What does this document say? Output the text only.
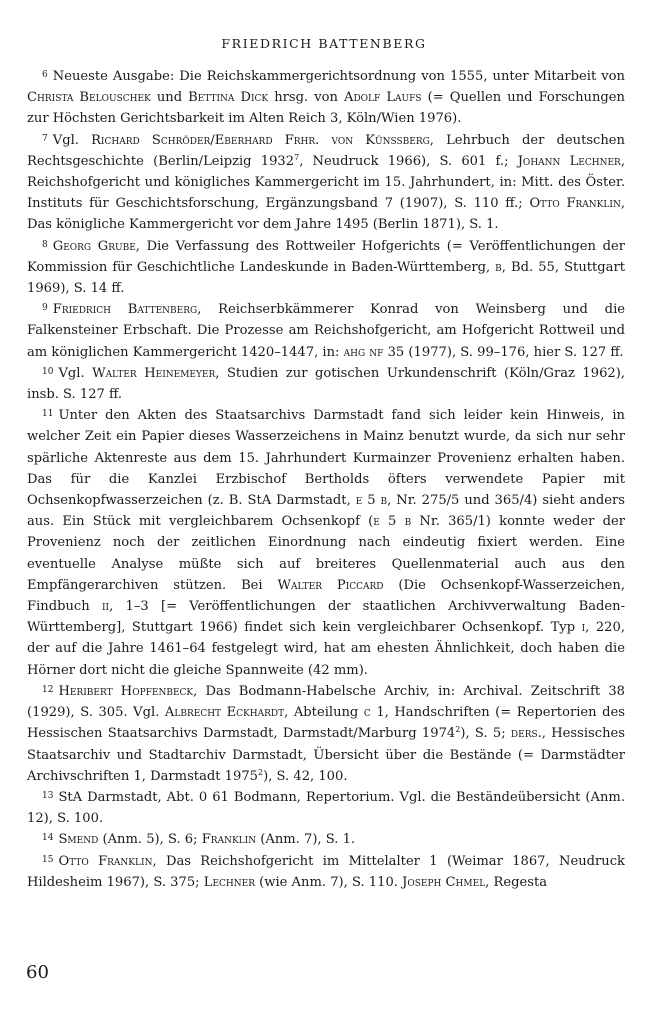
FRIEDRICH BATTENBERG

$^6$ Neueste Ausgabe: Die Reichskammergerichtsordnung von 1555, unter Mitarbeit von Christa Belouschek und Bettina Dick hrsg. von Adolf Laufs (= Quellen und Forschungen zur Höchsten Gerichtsbarkeit im Alten Reich 3, Köln/Wien 1976).

$^7$ Vgl. Richard Schröder/Eberhard Frhr. von Künssberg, Lehrbuch der deutschen Rechtsgeschichte (Berlin/Leipzig 1932$^7$, Neudruck 1966), S. 601 f.; Johann Lechner, Reichshofgericht und königliches Kammergericht im 15. Jahrhundert, in: Mitt. des Öster. Instituts für Geschichtsforschung, Ergänzungsband 7 (1907), S. 110 ff.; Otto Franklin, Das königliche Kammergericht vor dem Jahre 1495 (Berlin 1871), S. 1.

$^8$ Georg Grube, Die Verfassung des Rottweiler Hofgerichts (= Veröffentlichungen der Kommission für Geschichtliche Landeskunde in Baden-Württemberg, b, Bd. 55, Stuttgart 1969), S. 14 ff.

$^9$ Friedrich Battenberg, Reichserbkämmerer Konrad von Weinsberg und die Falkensteiner Erbschaft. Die Prozesse am Reichshofgericht, am Hofgericht Rottweil und am königlichen Kammergericht 1420–1447, in: ahg nf 35 (1977), S. 99–176, hier S. 127 ff.

$^{10}$ Vgl. Walter Heinemeyer, Studien zur gotischen Urkundenschrift (Köln/Graz 1962), insb. S. 127 ff.

$^{11}$ Unter den Akten des Staatsarchivs Darmstadt fand sich leider kein Hinweis, in welcher Zeit ein Papier dieses Wasserzeichens in Mainz benutzt wurde, da sich nur sehr spärliche Aktenreste aus dem 15. Jahrhundert Kurmainzer Provenienz erhalten haben. Das für die Kanzlei Erzbischof Bertholds öfters verwendete Papier mit Ochsenkopfwasserzeichen (z. B. StA Darmstadt, e 5 b, Nr. 275/5 und 365/4) sieht anders aus. Ein Stück mit vergleichbarem Ochsenkopf (e 5 b Nr. 365/1) konnte weder der Provenienz noch der zeitlichen Einordnung nach eindeutig fixiert werden. Eine eventuelle Analyse müßte sich auf breiteres Quellenmaterial auch aus den Empfängerarchiven stützen. Bei Walter Piccard (Die Ochsenkopf-Wasserzeichen, Findbuch ii, 1–3 [= Veröffentlichungen der staatlichen Archivverwaltung Baden-Württemberg], Stuttgart 1966) findet sich kein vergleichbarer Ochsenkopf. Typ i, 220, der auf die Jahre 1461–64 festgelegt wird, hat am ehesten Ähnlichkeit, doch haben die Hörner dort nicht die gleiche Spannweite (42 mm).

$^{12}$ Heribert Hopfenbeck, Das Bodmann-Habelsche Archiv, in: Archival. Zeitschrift 38 (1929), S. 305. Vgl. Albrecht Eckhardt, Abteilung c 1, Handschriften (= Repertorien des Hessischen Staatsarchivs Darmstadt, Darmstadt/Marburg 1974$^2$), S. 5; ders., Hessisches Staatsarchiv und Stadtarchiv Darmstadt, Übersicht über die Bestände (= Darmstädter Archivschriften 1, Darmstadt 1975$^2$), S. 42, 100.

$^{13}$ StA Darmstadt, Abt. 0 61 Bodmann, Repertorium. Vgl. die Beständeübersicht (Anm. 12), S. 100.

$^{14}$ Smend (Anm. 5), S. 6; Franklin (Anm. 7), S. 1.

$^{15}$ Otto Franklin, Das Reichshofgericht im Mittelalter 1 (Weimar 1867, Neudruck Hildesheim 1967), S. 375; Lechner (wie Anm. 7), S. 110. Joseph Chmel, Regesta

60
